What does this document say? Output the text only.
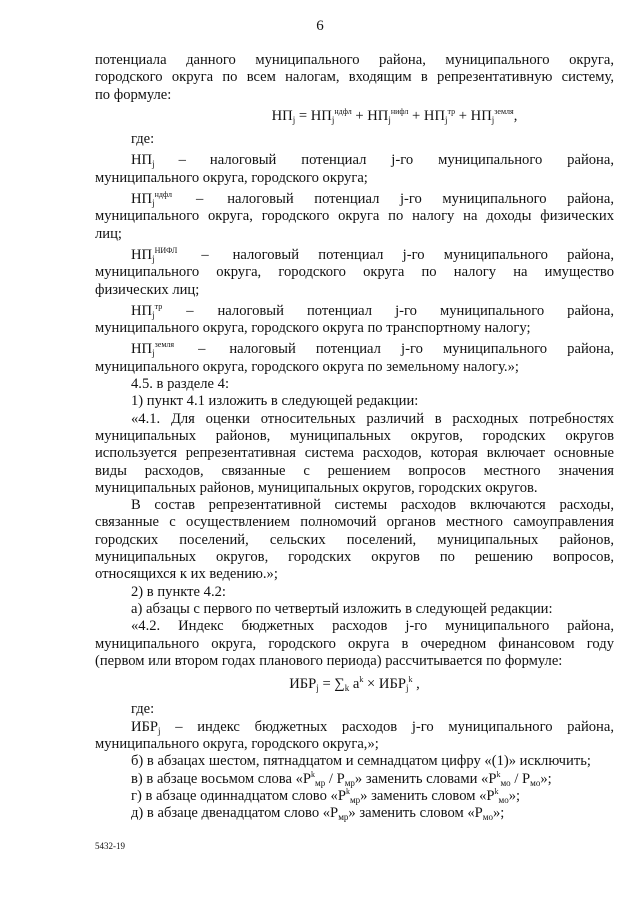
6

потенциала данного муниципального района, муниципального округа,

городского округа по всем налогам, входящим в репрезентативную систему,

по формуле:

$НП_j = НП_j^{ндфл} + НП_j^{нифл} + НП_j^{тр} + НП_j^{земля}$,

где:

$НП_j$ – налоговый потенциал j-го муниципального района,

муниципального округа, городского округа;

$НП_j^{ндфл}$ – налоговый потенциал j-го муниципального района,

муниципального округа, городского округа по налогу на доходы физических

лиц;

$НП_j^{НИФЛ}$ – налоговый потенциал j-го муниципального района,

муниципального округа, городского округа по налогу на имущество

физических лиц;

$НП_j^{тр}$ – налоговый потенциал j-го муниципального района,

муниципального округа, городского округа по транспортному налогу;

$НП_j^{земля}$ – налоговый потенциал j-го муниципального района,

муниципального округа, городского округа по земельному налогу.»;

4.5. в разделе 4:

1) пункт 4.1 изложить в следующей редакции:

«4.1. Для оценки относительных различий в расходных потребностях

муниципальных районов, муниципальных округов, городских округов

используется репрезентативная система расходов, которая включает основные

виды расходов, связанные с решением вопросов местного значения

муниципальных районов, муниципальных округов, городских округов.

В состав репрезентативной системы расходов включаются расходы,

связанные с осуществлением полномочий органов местного самоуправления

городских поселений, сельских поселений, муниципальных районов,

муниципальных округов, городских округов по решению вопросов,

относящихся к их ведению.»;

2) в пункте 4.2:

а) абзацы с первого по четвертый изложить в следующей редакции:

«4.2. Индекс бюджетных расходов j-го муниципального района,

муниципального округа, городского округа в очередном финансовом году

(первом или втором годах планового периода) рассчитывается по формуле:

$ИБР_j = \sum_k$ $a^k \times ИБР_j^k$ ,

где:

$ИБР_j$ – индекс бюджетных расходов j-го муниципального района,

муниципального округа, городского округа,»;

б) в абзацах шестом, пятнадцатом и семнадцатом цифру «(1)» исключить;

в) в абзаце восьмом слова «$Р^k_{мр} / Р_{мр}$» заменить словами «$Р^k_{мо} / Р_{мо}$»;

г) в абзаце одиннадцатом слово «$Р^k_{мр}$» заменить словом «$Р^k_{мо}$»;

д) в абзаце двенадцатом слово «$Р_{мр}$» заменить словом «$Р_{мо}$»;

5432-19
